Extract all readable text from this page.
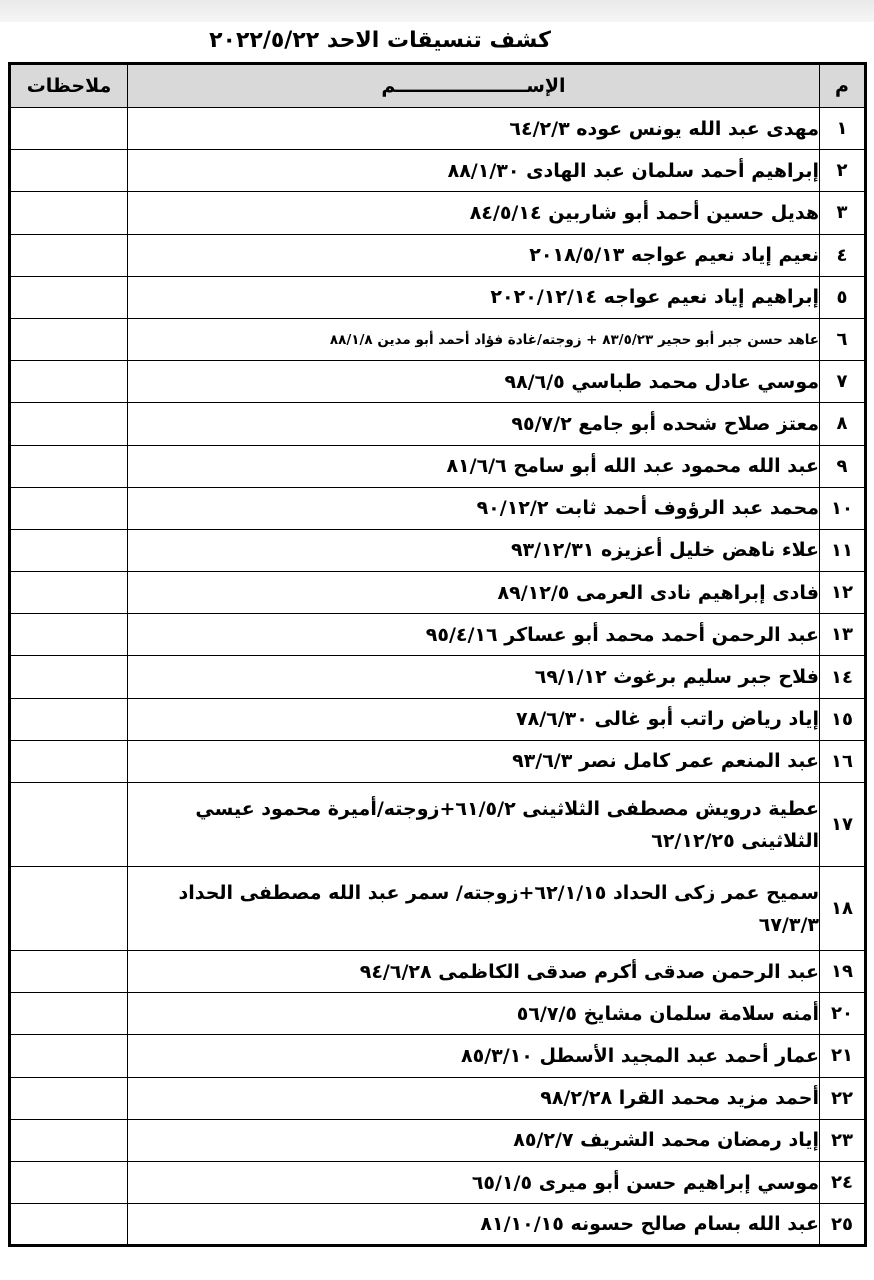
كشف تنسيقات الاحد ٢٠٢٢/٥/٢٢
م	الإســــــــــــــــــــم	ملاحظات
١	مهدى عبد الله يونس عوده ٦٤/٢/٣	
٢	إبراهيم أحمد سلمان عبد الهادى ٨٨/١/٣٠	
٣	هديل حسين أحمد أبو شاربين ٨٤/٥/١٤	
٤	نعيم إياد نعيم عواجه ٢٠١٨/٥/١٣	
٥	إبراهيم إياد نعيم عواجه ٢٠٢٠/١٢/١٤	
٦	عاهد حسن جبر أبو حجير ٨٣/٥/٢٣ + زوجته/غادة فؤاد أحمد أبو مدين ٨٨/١/٨	
٧	موسي عادل محمد طباسي ٩٨/٦/٥	
٨	معتز صلاح شحده أبو جامع ٩٥/٧/٢	
٩	عبد الله محمود عبد الله أبو سامح ٨١/٦/٦	
١٠	محمد عبد الرؤوف أحمد ثابت ٩٠/١٢/٢	
١١	علاء ناهض خليل أعزيزه ٩٣/١٢/٣١	
١٢	فادى إبراهيم نادى العرمى ٨٩/١٢/٥	
١٣	عبد الرحمن أحمد محمد أبو عساكر ٩٥/٤/١٦	
١٤	فلاح جبر سليم برغوث ٦٩/١/١٢	
١٥	إياد رياض راتب أبو غالى ٧٨/٦/٣٠	
١٦	عبد المنعم عمر كامل نصر ٩٣/٦/٣	
١٧	عطية درويش مصطفى الثلاثينى ٦١/٥/٢+زوجته/أميرة محمود عيسي الثلاثينى ٦٢/١٢/٢٥	
١٨	سميح عمر زكى الحداد ٦٢/١/١٥+زوجته/ سمر عبد الله مصطفى الحداد ٦٧/٣/٣	
١٩	عبد الرحمن صدقى أكرم صدقى الكاظمى ٩٤/٦/٢٨	
٢٠	أمنه سلامة سلمان مشايخ ٥٦/٧/٥	
٢١	عمار أحمد عبد المجيد الأسطل ٨٥/٣/١٠	
٢٢	أحمد مزيد محمد القرا ٩٨/٢/٢٨	
٢٣	إياد رمضان محمد الشريف ٨٥/٢/٧	
٢٤	موسي إبراهيم حسن أبو ميرى ٦٥/١/٥	
٢٥	عبد الله بسام صالح حسونه ٨١/١٠/١٥	
